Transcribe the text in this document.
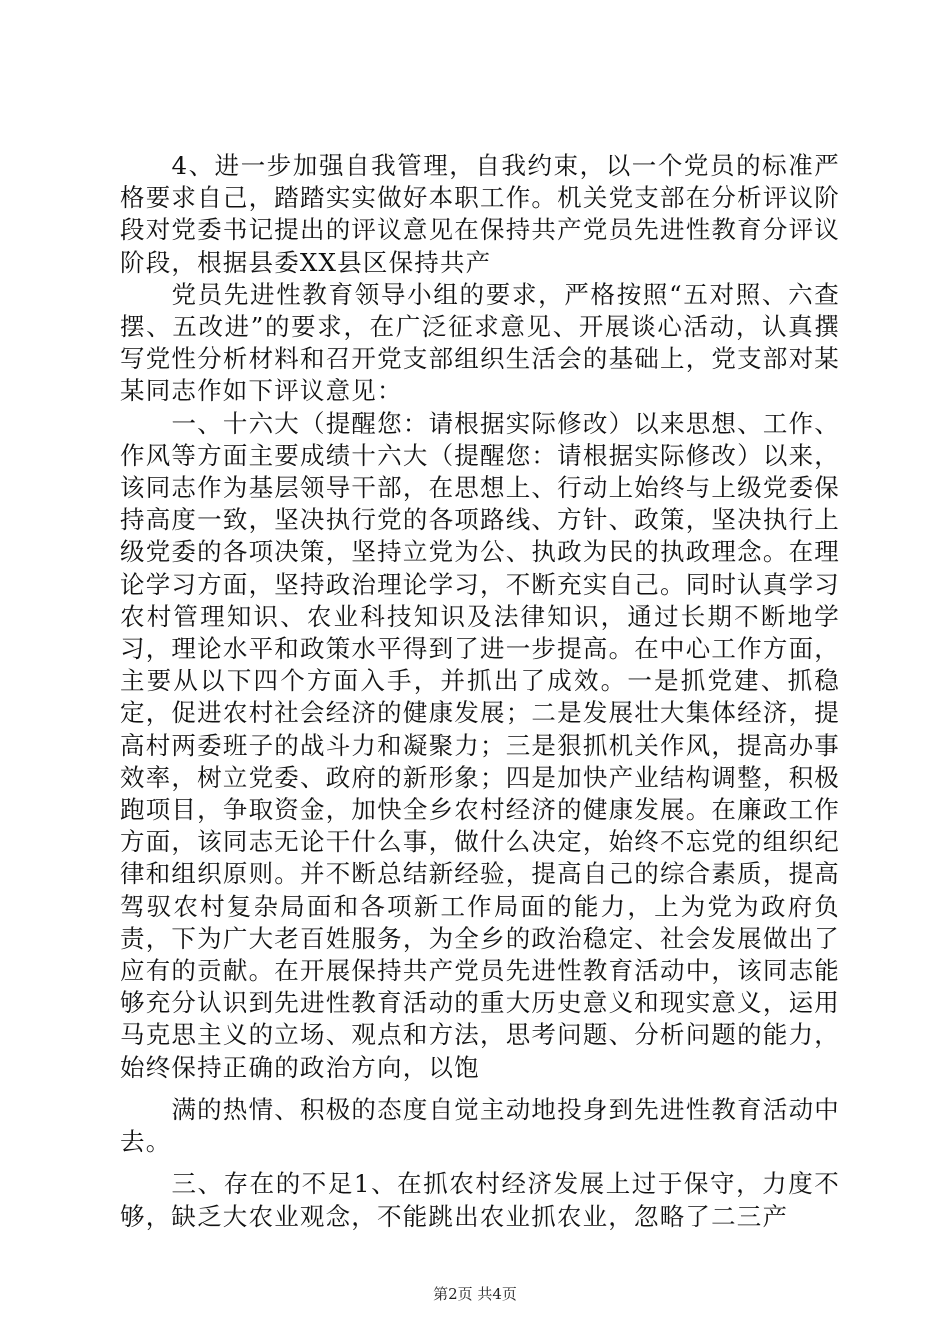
4、进一步加强自我管理，自我约束，以一个党员的标准严格要求自己，踏踏实实做好本职工作。机关党支部在分析评议阶段对党委书记提出的评议意见在保持共产党员先进性教育分评议阶段，根据县委XX县区保持共产

党员先进性教育领导小组的要求，严格按照“五对照、六查摆、五改进”的要求，在广泛征求意见、开展谈心活动，认真撰写党性分析材料和召开党支部组织生活会的基础上，党支部对某某同志作如下评议意见：

一、十六大（提醒您：请根据实际修改）以来思想、工作、作风等方面主要成绩十六大（提醒您：请根据实际修改）以来，该同志作为基层领导干部，在思想上、行动上始终与上级党委保持高度一致，坚决执行党的各项路线、方针、政策，坚决执行上级党委的各项决策，坚持立党为公、执政为民的执政理念。在理论学习方面，坚持政治理论学习，不断充实自己。同时认真学习农村管理知识、农业科技知识及法律知识，通过长期不断地学习，理论水平和政策水平得到了进一步提高。在中心工作方面，主要从以下四个方面入手，并抓出了成效。一是抓党建、抓稳定，促进农村社会经济的健康发展；二是发展壮大集体经济，提高村两委班子的战斗力和凝聚力；三是狠抓机关作风，提高办事效率，树立党委、政府的新形象；四是加快产业结构调整，积极跑项目，争取资金，加快全乡农村经济的健康发展。在廉政工作方面，该同志无论干什么事，做什么决定，始终不忘党的组织纪律和组织原则。并不断总结新经验，提高自己的综合素质，提高驾驭农村复杂局面和各项新工作局面的能力，上为党为政府负责，下为广大老百姓服务，为全乡的政治稳定、社会发展做出了应有的贡献。在开展保持共产党员先进性教育活动中，该同志能够充分认识到先进性教育活动的重大历史意义和现实意义，运用马克思主义的立场、观点和方法，思考问题、分析问题的能力，始终保持正确的政治方向，以饱

满的热情、积极的态度自觉主动地投身到先进性教育活动中去。

三、存在的不足1、在抓农村经济发展上过于保守，力度不够，缺乏大农业观念，不能跳出农业抓农业，忽略了二三产

第2页 共4页
